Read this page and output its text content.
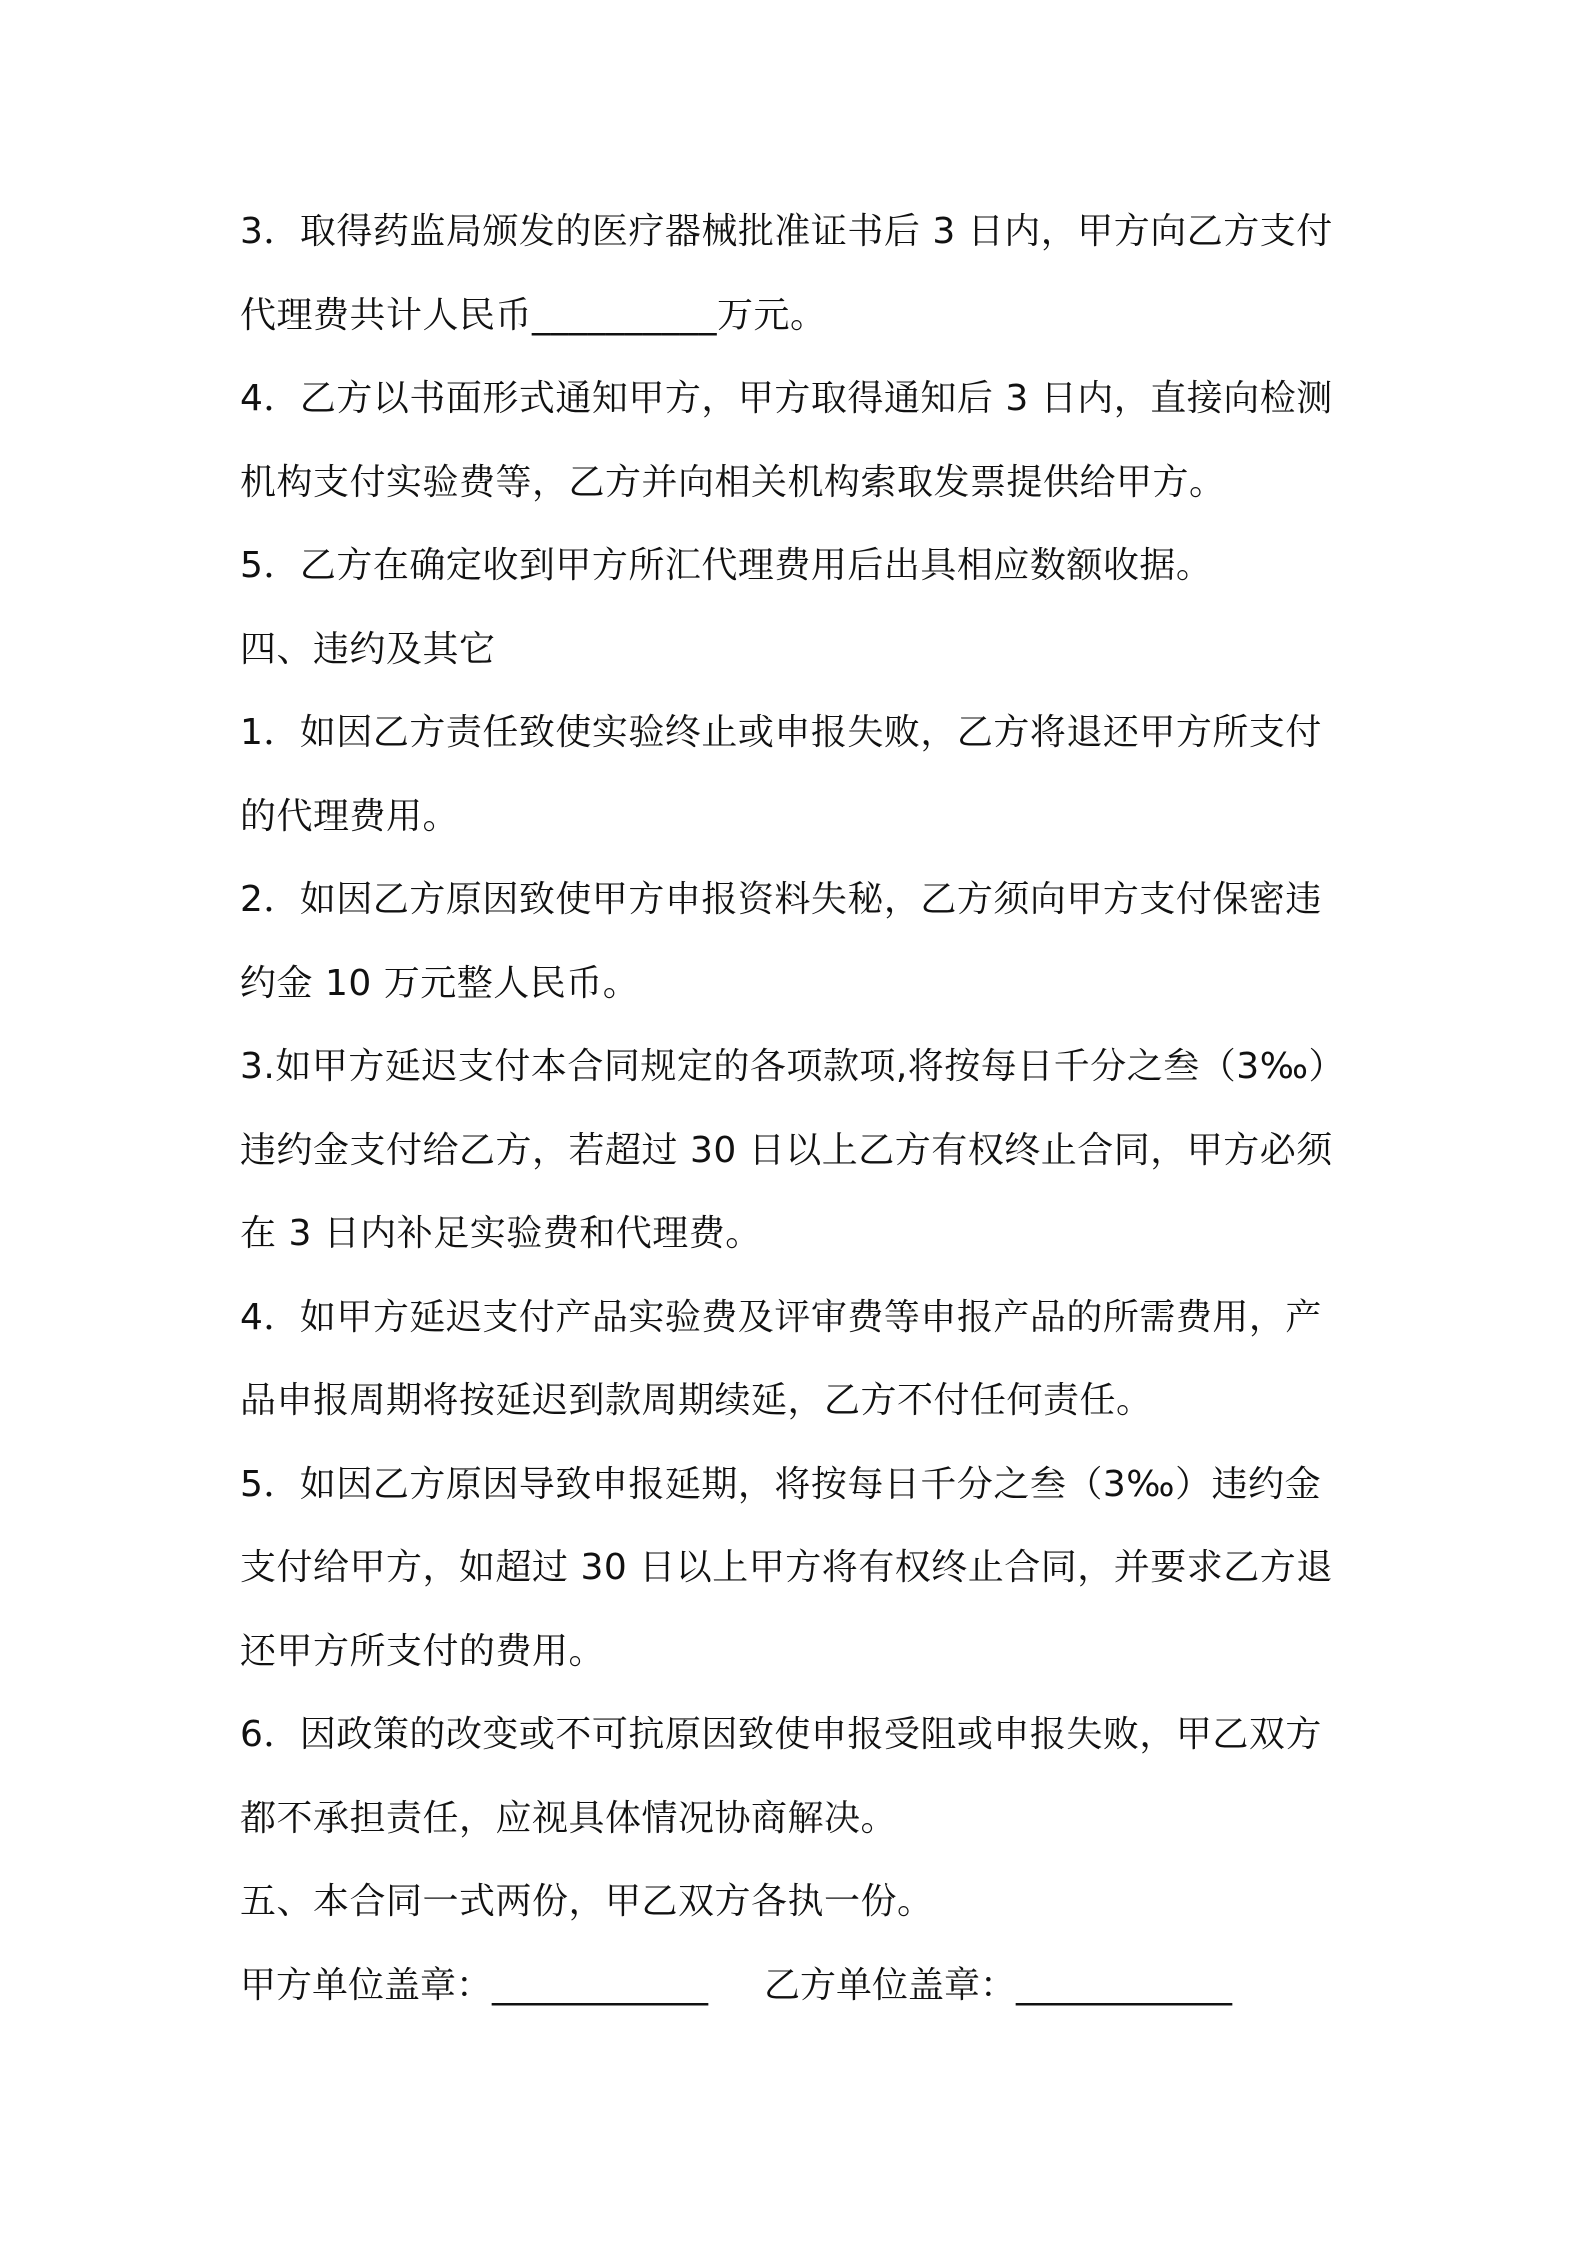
3．取得药监局颁发的医疗器械批准证书后 3 日内，甲方向乙方支付
代理费共计人民币__________万元。
4．乙方以书面形式通知甲方，甲方取得通知后 3 日内，直接向检测
机构支付实验费等，乙方并向相关机构索取发票提供给甲方。
5．乙方在确定收到甲方所汇代理费用后出具相应数额收据。
四、违约及其它
1．如因乙方责任致使实验终止或申报失败，乙方将退还甲方所支付
的代理费用。
2．如因乙方原因致使甲方申报资料失秘，乙方须向甲方支付保密违
约金 10 万元整人民币。
3.如甲方延迟支付本合同规定的各项款项,将按每日千分之叁（3‰）
违约金支付给乙方，若超过 30 日以上乙方有权终止合同，甲方必须
在 3 日内补足实验费和代理费。
4．如甲方延迟支付产品实验费及评审费等申报产品的所需费用，产
品申报周期将按延迟到款周期续延，乙方不付任何责任。
5．如因乙方原因导致申报延期，将按每日千分之叁（3‰）违约金
支付给甲方，如超过 30 日以上甲方将有权终止合同，并要求乙方退
还甲方所支付的费用。
6．因政策的改变或不可抗原因致使申报受阻或申报失败，甲乙双方
都不承担责任，应视具体情况协商解决。
五、本合同一式两份，甲乙双方各执一份。
甲方单位盖章： ____________ 乙方单位盖章： ____________
